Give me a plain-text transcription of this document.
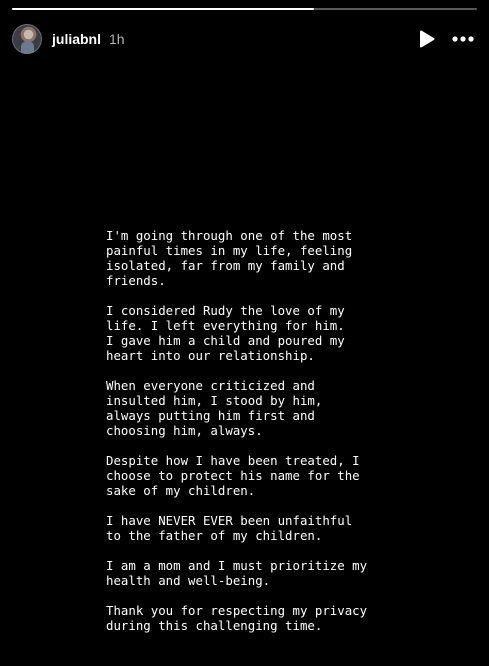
juliabnl 1h

I'm going through one of the most
painful times in my life, feeling
isolated, far from my family and
friends.

I considered Rudy the love of my
life. I left everything for him.
I gave him a child and poured my
heart into our relationship.

When everyone criticized and
insulted him, I stood by him,
always putting him first and
choosing him, always.

Despite how I have been treated, I
choose to protect his name for the
sake of my children.

I have NEVER EVER been unfaithful
to the father of my children.

I am a mom and I must prioritize my
health and well-being.

Thank you for respecting my privacy
during this challenging time.
